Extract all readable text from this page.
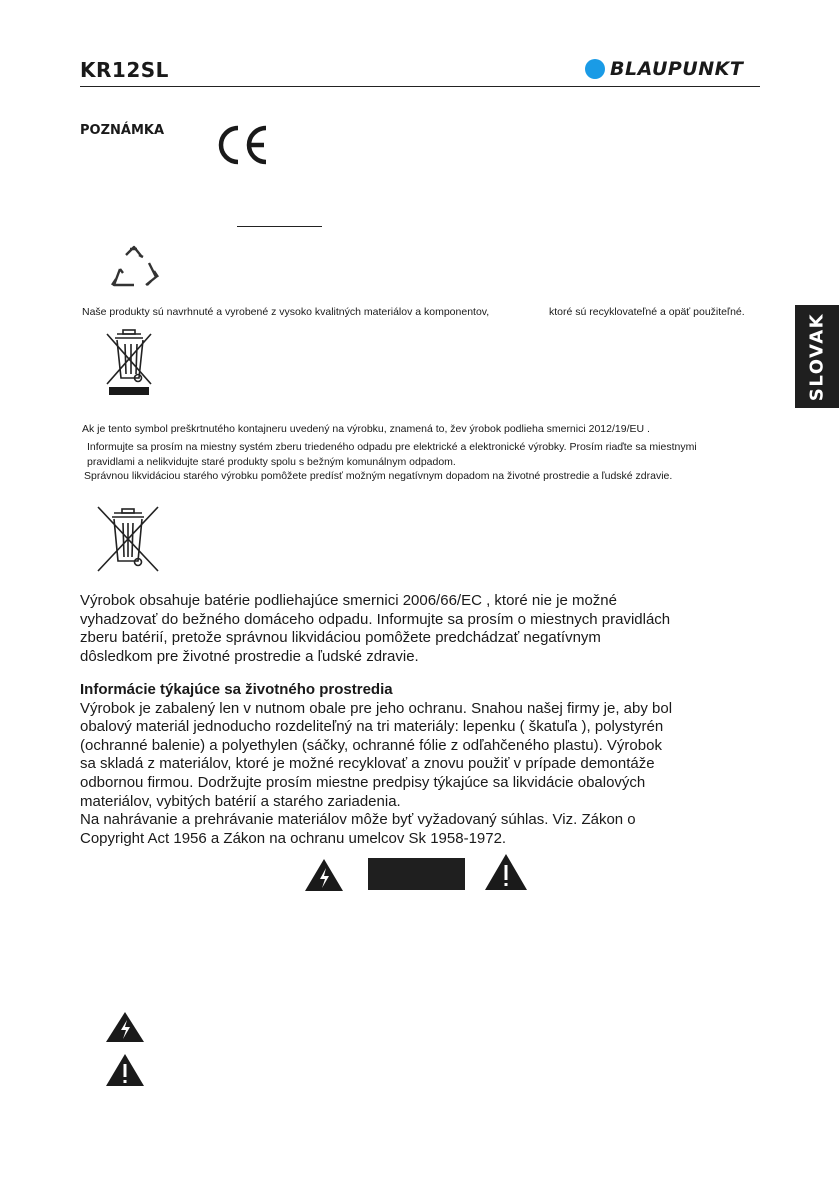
KR12SL	BLAUPUNKT
SLOVAK
POZNÁMKA
Naše produkty sú navrhnuté a vyrobené z vysoko kvalitných materiálov a komponentov,	ktoré sú recyklovateľné a opäť použiteľné.
Ak je tento symbol preškrtnutého kontajneru uvedený na výrobku, znamená to, žev ýrobok podlieha smernici 2012/19/EU .
Informujte sa prosím na miestny systém zberu triedeného odpadu pre elektrické a elektronické výrobky. Prosím riaďte sa miestnymi
pravidlami a nelikvidujte staré produkty spolu s bežným komunálnym odpadom.
Správnou likvidáciou starého výrobku pomôžete predísť možným negatívnym dopadom na životné prostredie a ľudské zdravie.

Výrobok obsahuje batérie podliehajúce smernici 2006/66/EC , ktoré nie je možné

vyhadzovať do bežného domáceho odpadu. Informujte sa prosím o miestnych pravidlách

zberu batérií, pretože správnou likvidáciou pomôžete predchádzať negatívnym

dôsledkom pre životné prostredie a ľudské zdravie.

Informácie týkajúce sa životného prostredia

Výrobok je zabalený len v nutnom obale pre jeho ochranu. Snahou našej firmy je, aby bol

obalový materiál jednoducho rozdeliteľný na tri materiály: lepenku ( škatuľa ), polystyrén

(ochranné balenie) a polyethylen (sáčky, ochranné fólie z odľahčeného plastu). Výrobok

sa skladá z materiálov, ktoré je možné recyklovať a znovu použiť v prípade demontáže

odbornou firmou. Dodržujte prosím miestne predpisy týkajúce sa likvidácie obalových

materiálov, vybitých batérií a starého zariadenia.

Na nahrávanie a prehrávanie materiálov môže byť vyžadovaný súhlas. Viz. Zákon o

Copyright Act 1956 a Zákon na ochranu umelcov Sk 1958-1972.
